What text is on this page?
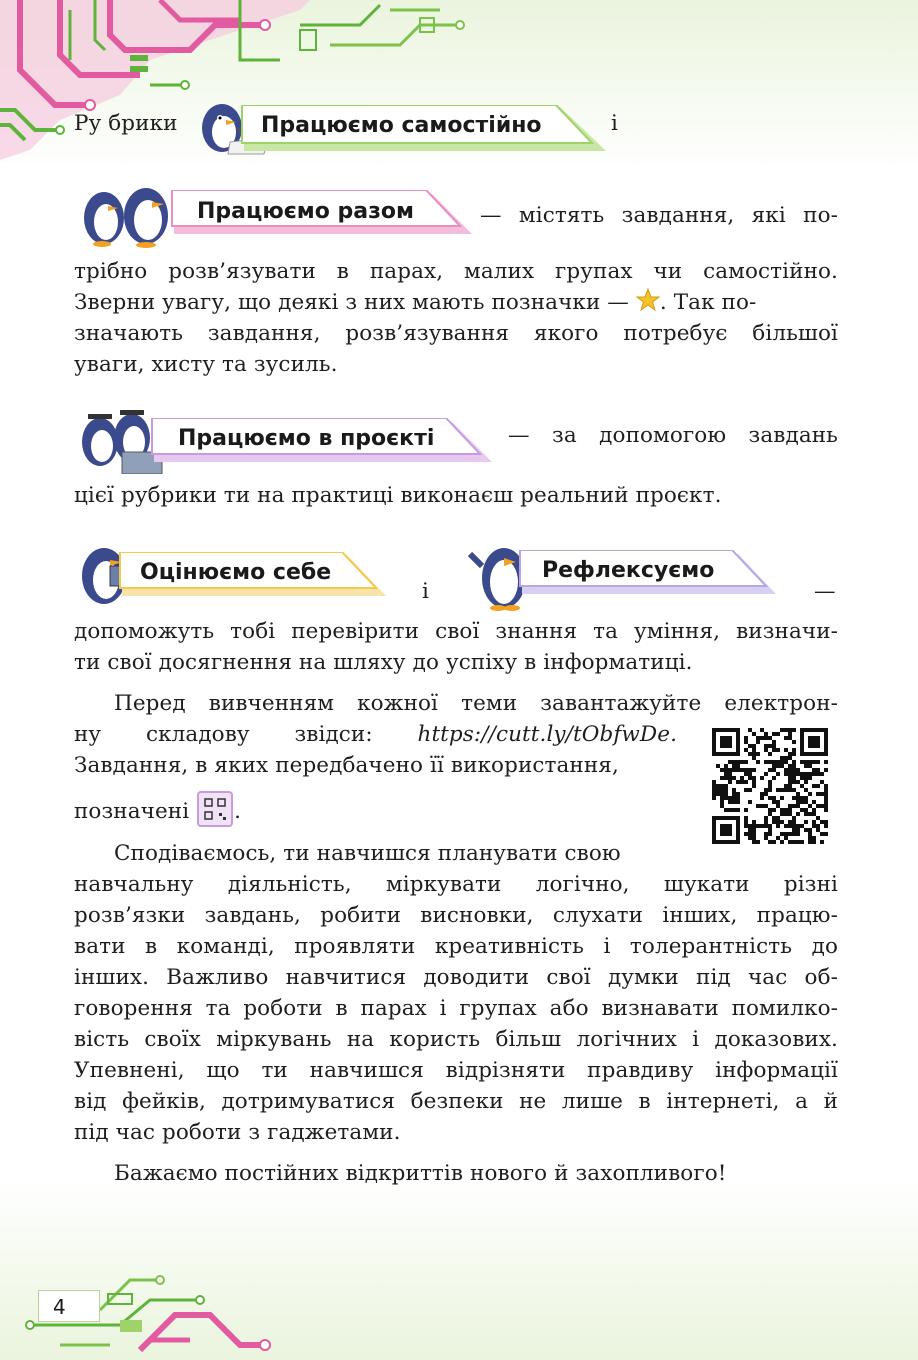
Ру брики	Працюємо самостійно	і
Працюємо разом	— містять завдання, які по-
трібно розв’язувати в парах, малих групах чи самостійно.
Зверни увагу, що деякі з них мають позначки — . Так по-
значають завдання, розв’язування якого потребує більшої
уваги, хисту та зусиль.
Працюємо в проєкті	— за допомогою завдань
цієї рубрики ти на практиці виконаєш реальний проєкт.
Оцінюємо себе
і
Рефлексуємо
—
допоможуть тобі перевірити свої знання та уміння, визначи-
ти свої досягнення на шляху до успіху в інформатиці.
Перед вивченням кожної теми завантажуйте електрон-
ну складову звідси: https://cutt.ly/tObfwDe.
Завдання, в яких передбачено її використання,
позначені .
Сподіваємось, ти навчишся планувати свою
навчальну діяльність, міркувати логічно, шукати різні
розв’язки завдань, робити висновки, слухати інших, працю-
вати в команді, проявляти креативність і толерантність до
інших. Важливо навчитися доводити свої думки під час об-
говорення та роботи в парах і групах або визнавати помилко-
вість своїх міркувань на користь більш логічних і доказових.
Упевнені, що ти навчишся відрізняти правдиву інформації
від фейків, дотримуватися безпеки не лише в інтернеті, а й
під час роботи з гаджетами.
Бажаємо постійних відкриттів нового й захопливого!
4
